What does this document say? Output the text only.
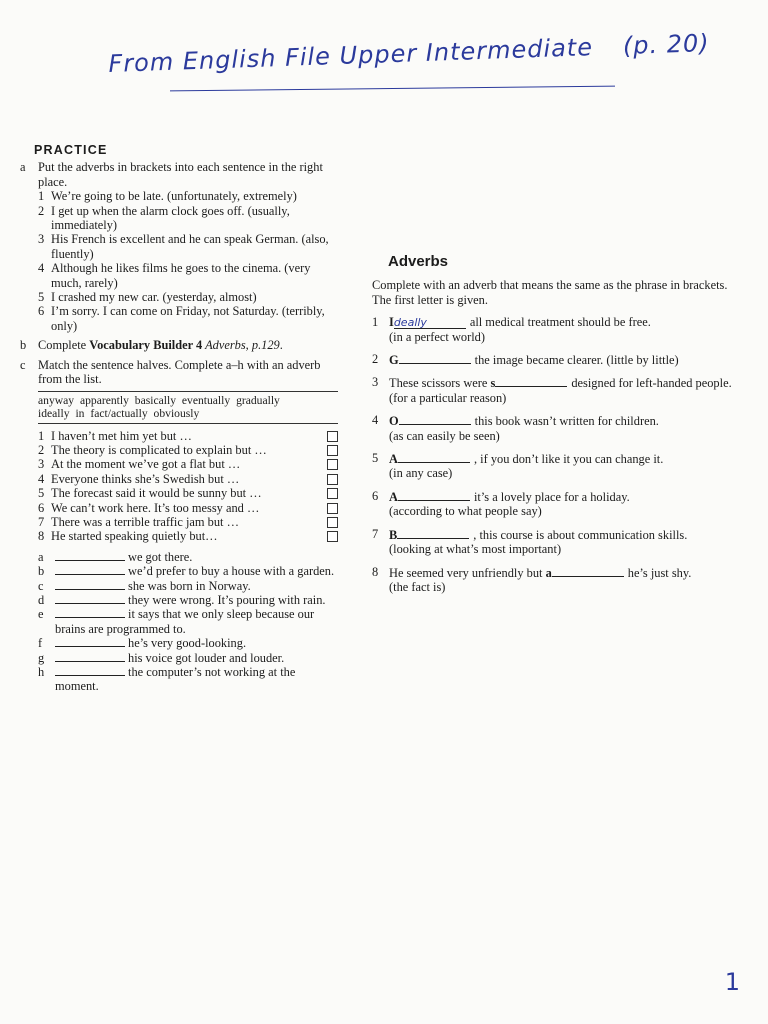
From English File Upper Intermediate (p. 20)
PRACTICE
a	Put the adverbs in brackets into each sentence in the right place.
1 We’re going to be late. (unfortunately, extremely)
2 I get up when the alarm clock goes off. (usually, immediately)
3 His French is excellent and he can speak German. (also, fluently)
4 Although he likes films he goes to the cinema. (very much, rarely)
5 I crashed my new car. (yesterday, almost)
6 I’m sorry. I can come on Friday, not Saturday. (terribly, only)
b Complete Vocabulary Builder 4 Adverbs, p.129.
c	Match the sentence halves. Complete a–h with an adverb from the list.
anyway apparently basically eventually gradually
ideally in fact/actually obviously
1 I haven’t met him yet but …
2 The theory is complicated to explain but …
3 At the moment we’ve got a flat but …
4 Everyone thinks she’s Swedish but …
5 The forecast said it would be sunny but …
6 We can’t work here. It’s too messy and …
7 There was a terrible traffic jam but …
8 He started speaking quietly but…
a	we got there.
b	we’d prefer to buy a house with a garden.
c	she was born in Norway.
d	they were wrong. It’s pouring with rain.
e	it says that we only sleep because our brains are programmed to.
f	he’s very good-looking.
g	his voice got louder and louder.
h	the computer’s not working at the moment.
Adverbs
Complete with an adverb that means the same as the phrase in brackets. The first letter is given.
1 Ideally	all medical treatment should be free.
(in a perfect world)
2 G	the image became clearer. (little by little)
3 These scissors were s	designed for left-handed people. (for a particular reason)
4 O	this book wasn’t written for children.
(as can easily be seen)
5 A	, if you don’t like it you can change it.
(in any case)
6 A	it’s a lovely place for a holiday.
(according to what people say)
7 B	, this course is about communication skills.
(looking at what’s most important)
8 He seemed very unfriendly but a	he’s just shy.
(the fact is)
1
